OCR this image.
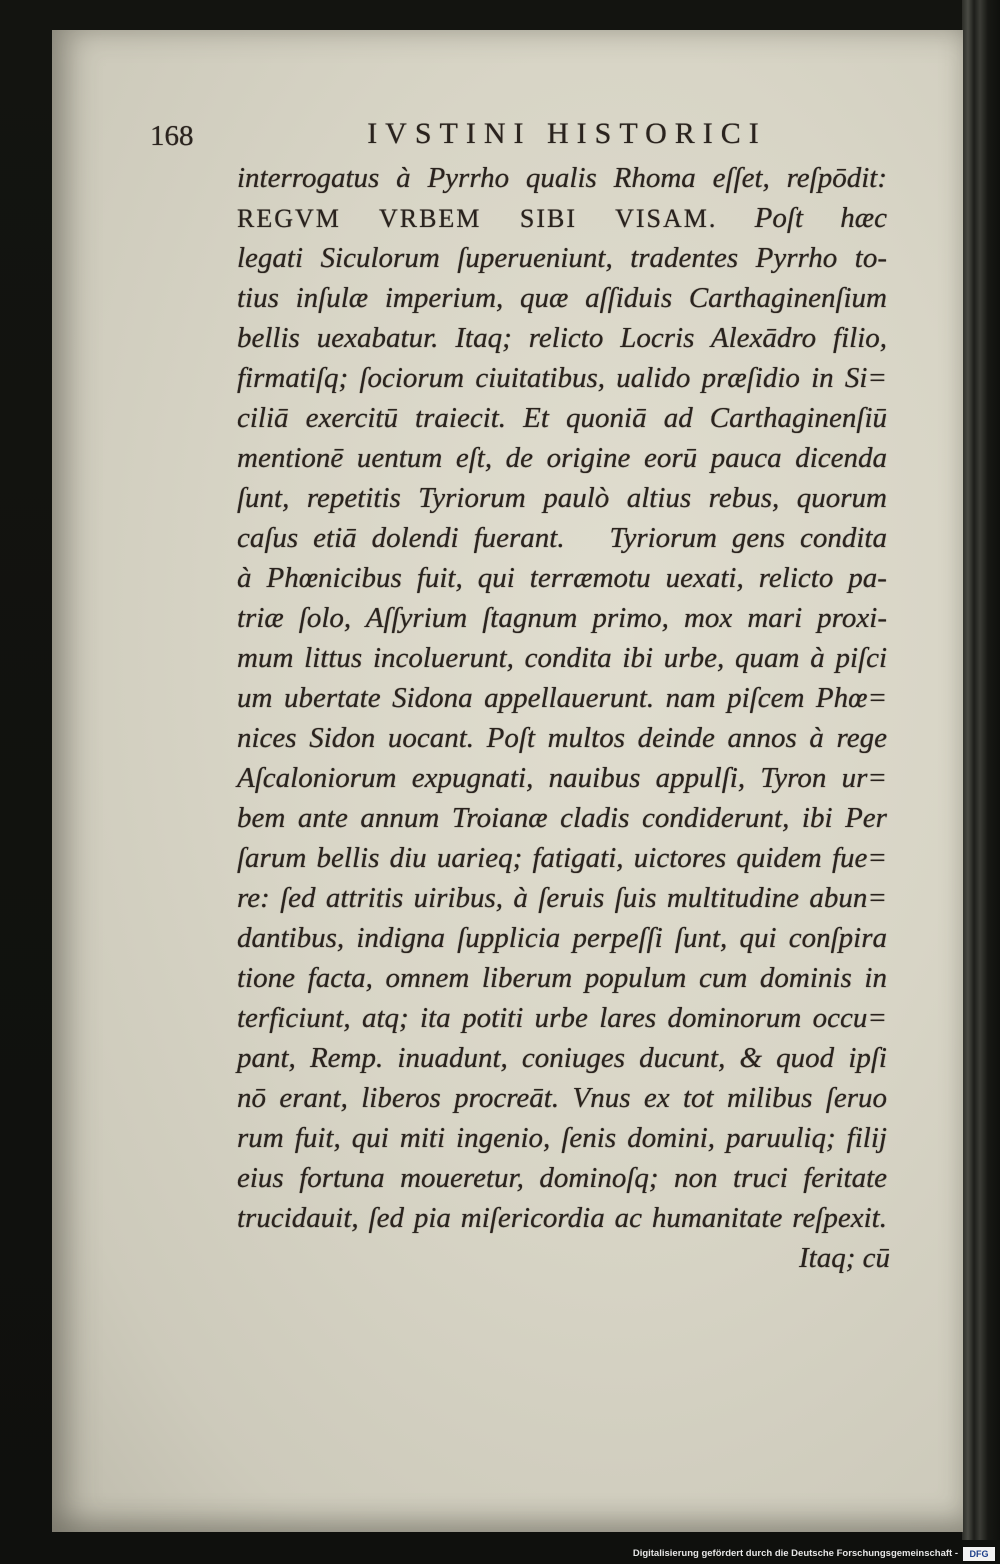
168	IVSTINI HISTORICI
interrogatus à Pyrrho qualis Rhoma eſſet, reſpōdit:
REGVM VRBEM SIBI VISAM. Poſt hæc
legati Siculorum ſuperueniunt, tradentes Pyrrho to-
tius inſulæ imperium, quæ aſſiduis Carthaginenſium
bellis uexabatur. Itaq; relicto Locris Alexādro filio,
firmatiſq; ſociorum ciuitatibus, ualido præſidio in Si=
ciliā exercitū traiecit. Et quoniā ad Carthaginenſiū
mentionē uentum eſt, de origine eorū pauca dicenda
ſunt, repetitis Tyriorum paulò altius rebus, quorum
caſus etiā dolendi fuerant.   Tyriorum gens condita
à Phœnicibus fuit, qui terræmotu uexati, relicto pa-
triæ ſolo, Aſſyrium ſtagnum primo, mox mari proxi-
mum littus incoluerunt, condita ibi urbe, quam à piſci
um ubertate Sidona appellauerunt. nam piſcem Phœ=
nices Sidon uocant. Poſt multos deinde annos à rege
Aſcaloniorum expugnati, nauibus appulſi, Tyron ur=
bem ante annum Troianæ cladis condiderunt, ibi Per
ſarum bellis diu uarieq; fatigati, uictores quidem fue=
re: ſed attritis uiribus, à ſeruis ſuis multitudine abun=
dantibus, indigna ſupplicia perpeſſi ſunt, qui conſpira
tione facta, omnem liberum populum cum dominis in
terficiunt, atq; ita potiti urbe lares dominorum occu=
pant, Remp. inuadunt, coniuges ducunt, & quod ipſi
nō erant, liberos procreāt. Vnus ex tot milibus ſeruo
rum fuit, qui miti ingenio, ſenis domini, paruuliq; filij
eius fortuna moueretur, dominoſq; non truci feritate
trucidauit, ſed pia miſericordia ac humanitate reſpexit.
Itaq; cū
Digitalisierung gefördert durch die Deutsche Forschungsgemeinschaft -	DFG
